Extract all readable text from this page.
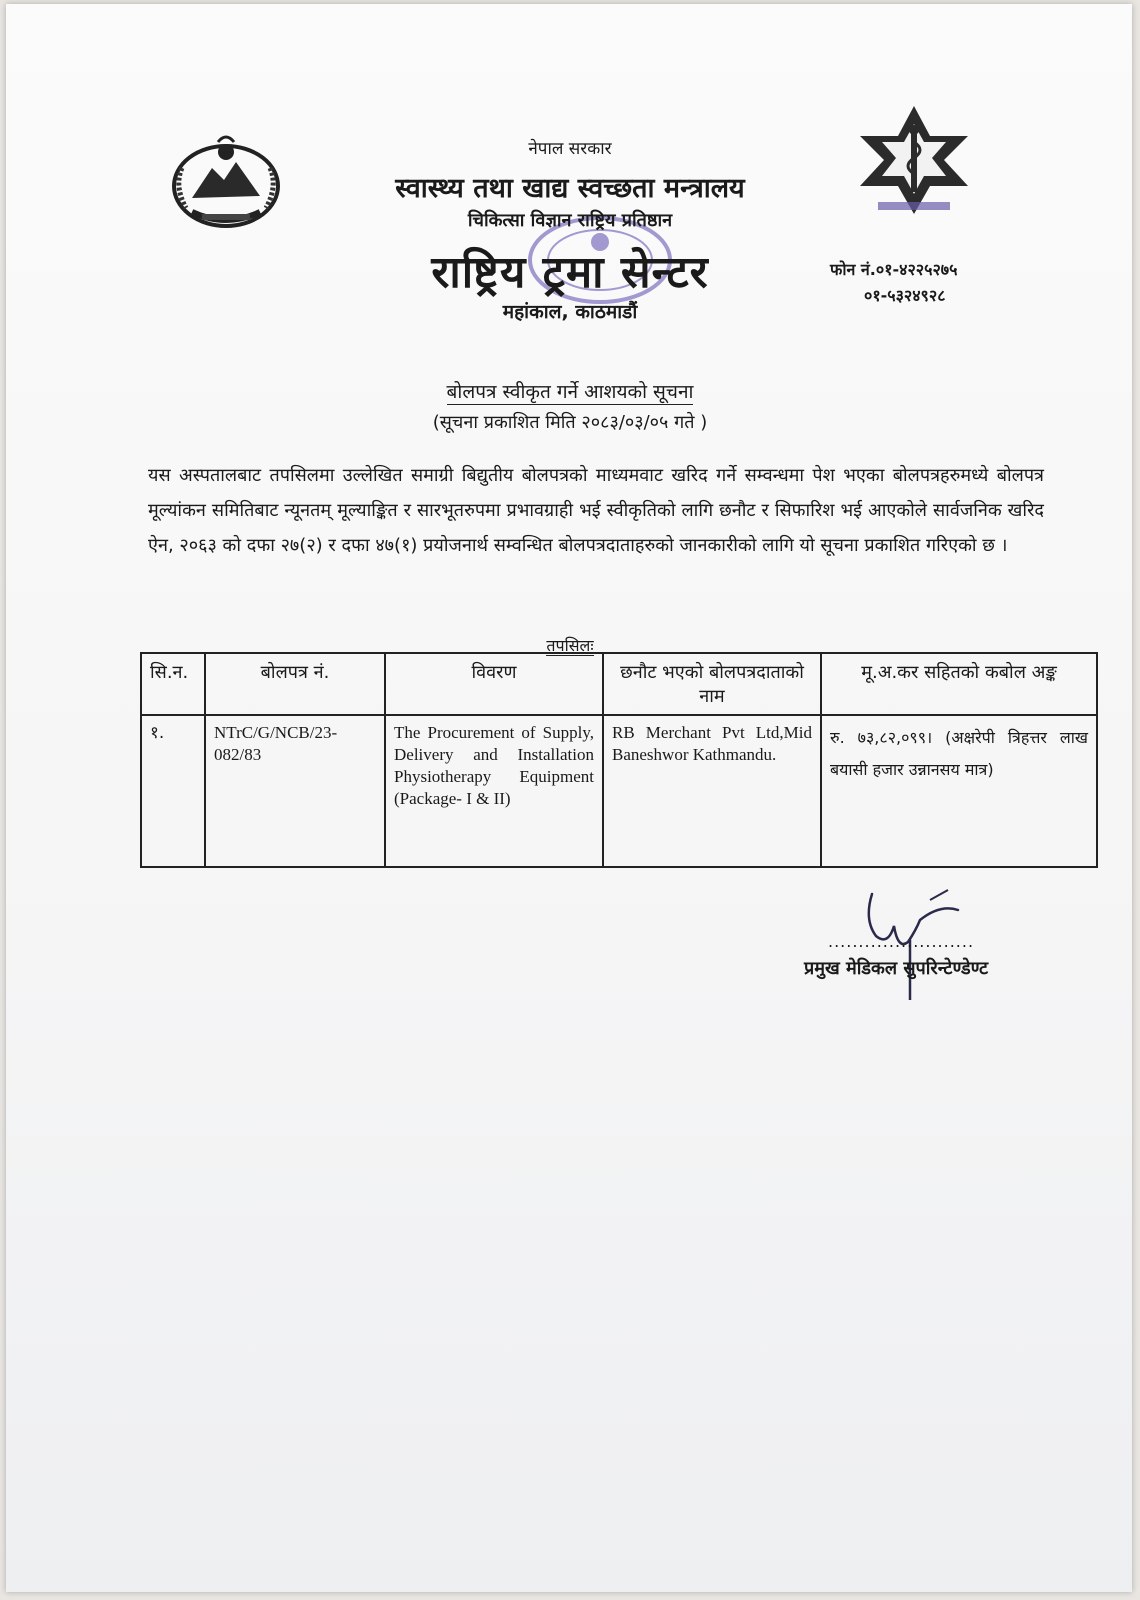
नेपाल सरकार
स्वास्थ्य तथा खाद्य स्वच्छता मन्त्रालय
चिकित्सा विज्ञान राष्ट्रिय प्रतिष्ठान
राष्ट्रिय ट्रमा सेन्टर
महांकाल, काठमाडौं
फोन नं.०१-४२२५२७५
०१-५३२४९२८
बोलपत्र स्वीकृत गर्ने आशयको सूचना
(सूचना प्रकाशित मिति २०८३/०३/०५ गते )
यस अस्पतालबाट तपसिलमा उल्लेखित समाग्री बिद्युतीय बोलपत्रको माध्यमवाट खरिद गर्ने सम्वन्धमा पेश भएका बोलपत्रहरुमध्ये बोलपत्र मूल्यांकन समितिबाट न्यूनतम् मूल्याङ्कित र सारभूतरुपमा प्रभावग्राही भई स्वीकृतिको लागि छनौट र सिफारिश भई आएकोले सार्वजनिक खरिद ऐन, २०६३ को दफा २७(२) र दफा ४७(१) प्रयोजनार्थ सम्वन्धित बोलपत्रदाताहरुको जानकारीको लागि यो सूचना प्रकाशित गरिएको छ ।
तपसिलः
सि.न.	बोलपत्र नं.	विवरण	छनौट भएको बोलपत्रदाताको नाम	मू.अ.कर सहितको कबोल अङ्क
१.	NTrC/G/NCB/23-082/83	The Procurement of Supply, Delivery and Installation Physiotherapy Equipment (Package- I & II)	RB Merchant Pvt Ltd,Mid Baneshwor Kathmandu.	रु. ७३,८२,०९९। (अक्षरेपी त्रिहत्तर लाख बयासी हजार उन्नानसय मात्र)
........................
प्रमुख मेडिकल सुपरिन्टेण्डेण्ट
